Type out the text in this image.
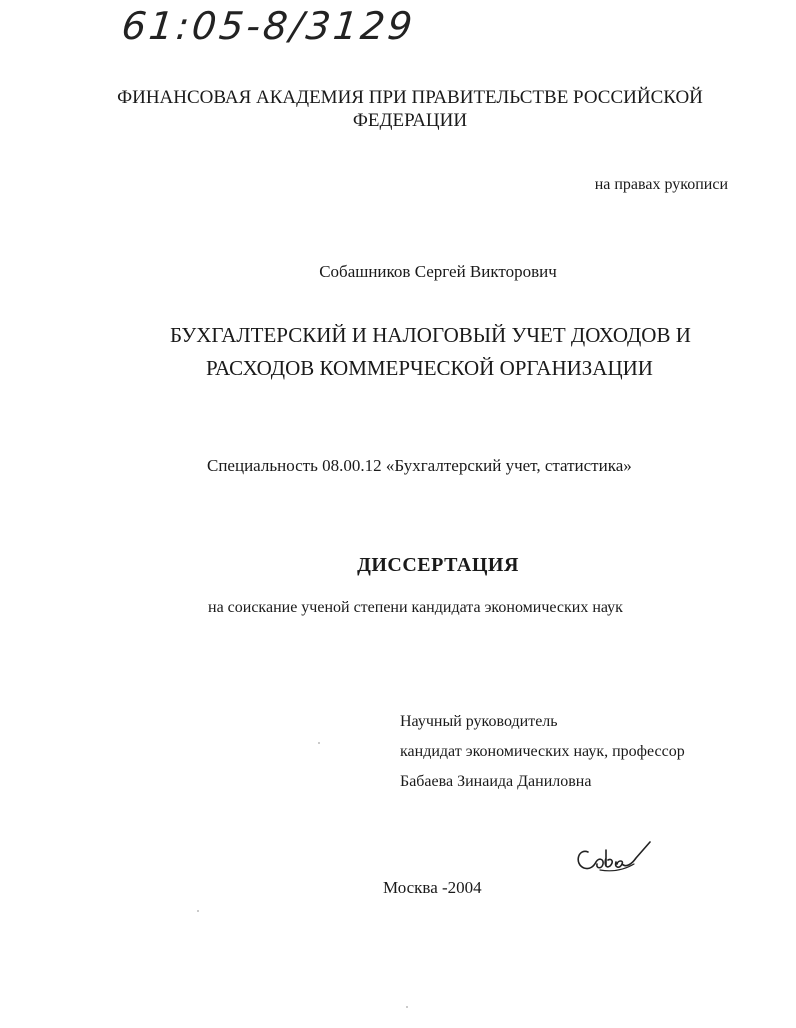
61:05-8/3129
ФИНАНСОВАЯ АКАДЕМИЯ ПРИ ПРАВИТЕЛЬСТВЕ РОССИЙСКОЙ ФЕДЕРАЦИИ
на правах рукописи
Собашников Сергей Викторович
БУХГАЛТЕРСКИЙ И НАЛОГОВЫЙ УЧЕТ ДОХОДОВ И
РАСХОДОВ КОММЕРЧЕСКОЙ ОРГАНИЗАЦИИ
Специальность 08.00.12 «Бухгалтерский учет, статистика»
ДИССЕРТАЦИЯ
на соискание ученой степени кандидата экономических наук
Научный руководитель
кандидат экономических наук, профессор
Бабаева Зинаида Даниловна
Москва -2004
